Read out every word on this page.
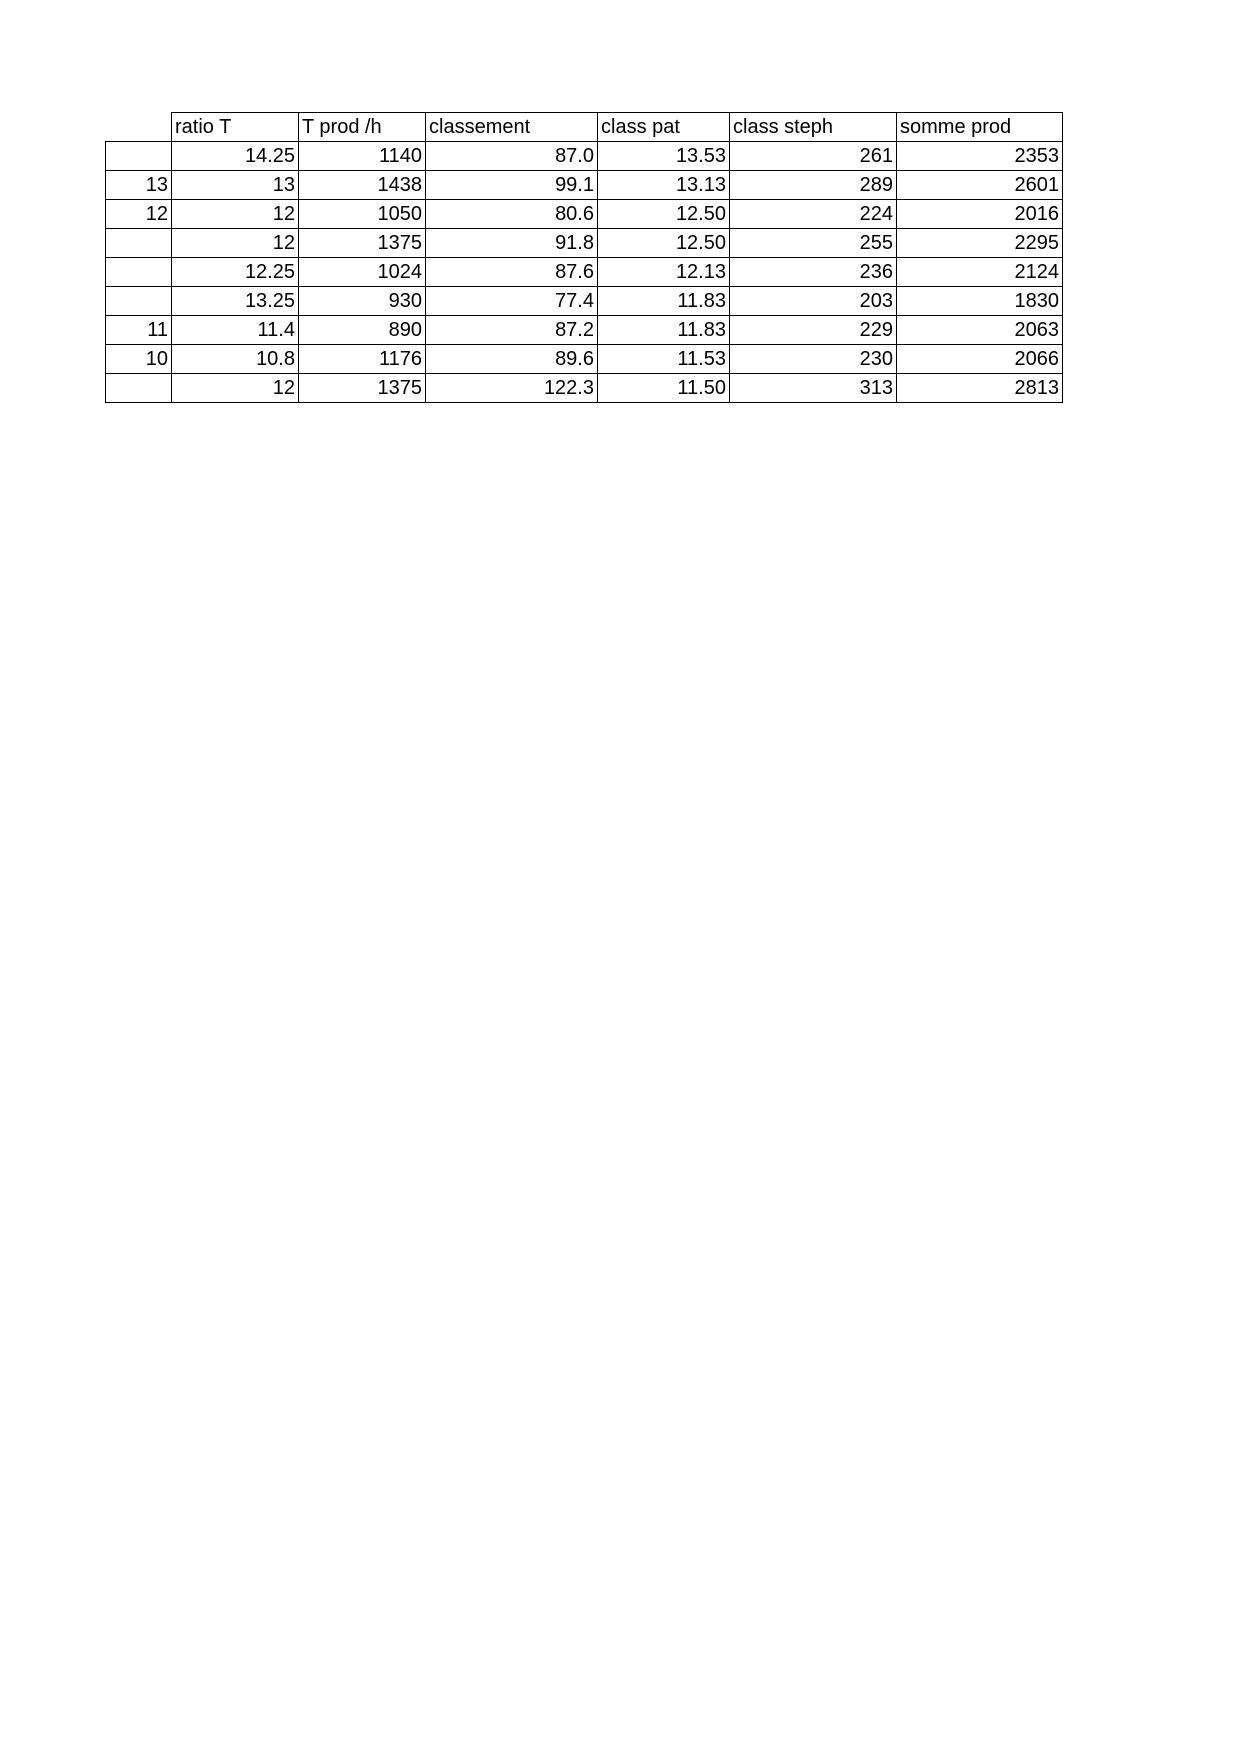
	ratio T	T prod /h	classement	class pat	class steph	somme prod
	14.25	1140	87.0	13.53	261	2353
13	13	1438	99.1	13.13	289	2601
12	12	1050	80.6	12.50	224	2016
	12	1375	91.8	12.50	255	2295
	12.25	1024	87.6	12.13	236	2124
	13.25	930	77.4	11.83	203	1830
11	11.4	890	87.2	11.83	229	2063
10	10.8	1176	89.6	11.53	230	2066
	12	1375	122.3	11.50	313	2813
